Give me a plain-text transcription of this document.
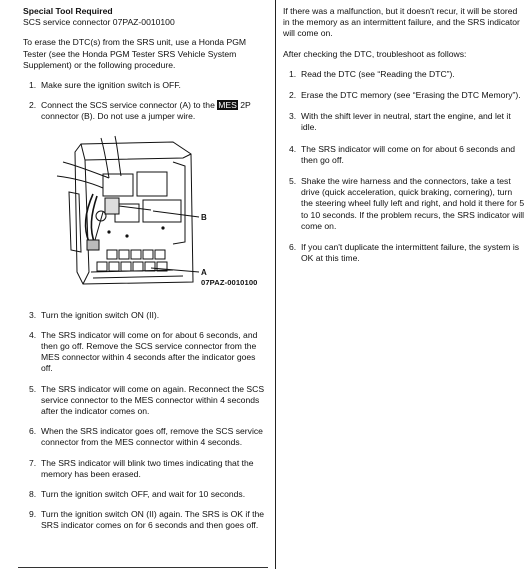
Special Tool Required
SCS service connector 07PAZ-0010100

To erase the DTC(s) from the SRS unit, use a Honda PGM Tester (see the Honda PGM Tester SRS Vehicle System Supplement) or the following procedure.

1. Make sure the ignition switch is OFF.
2. Connect the SCS service connector (A) to the MES 2P connector (B). Do not use a jumper wire.
B
A
07PAZ-0010100
3. Turn the ignition switch ON (II).
4. The SRS indicator will come on for about 6 seconds, and then go off. Remove the SCS service connector from the MES connector within 4 seconds after the indicator goes off.
5. The SRS indicator will come on again. Reconnect the SCS service connector to the MES connector within 4 seconds after the indicator comes on.
6. When the SRS indicator goes off, remove the SCS service connector from the MES connector within 4 seconds.
7. The SRS indicator will blink two times indicating that the memory has been erased.
8. Turn the ignition switch OFF, and wait for 10 seconds.
9. Turn the ignition switch ON (II) again. The SRS is OK if the SRS indicator comes on for 6 seconds and then goes off.

If there was a malfunction, but it doesn't recur, it will be stored in the memory as an intermittent failure, and the SRS indicator will come on.

After checking the DTC, troubleshoot as follows:

1. Read the DTC (see “Reading the DTC”).
2. Erase the DTC memory (see “Erasing the DTC Memory”).
3. With the shift lever in neutral, start the engine, and let it idle.
4. The SRS indicator will come on for about 6 seconds and then go off.
5. Shake the wire harness and the connectors, take a test drive (quick acceleration, quick braking, cornering), turn the steering wheel fully left and right, and hold it there for 5 to 10 seconds. If the problem recurs, the SRS indicator will come on.
6. If you can't duplicate the intermittent failure, the system is OK at this time.
